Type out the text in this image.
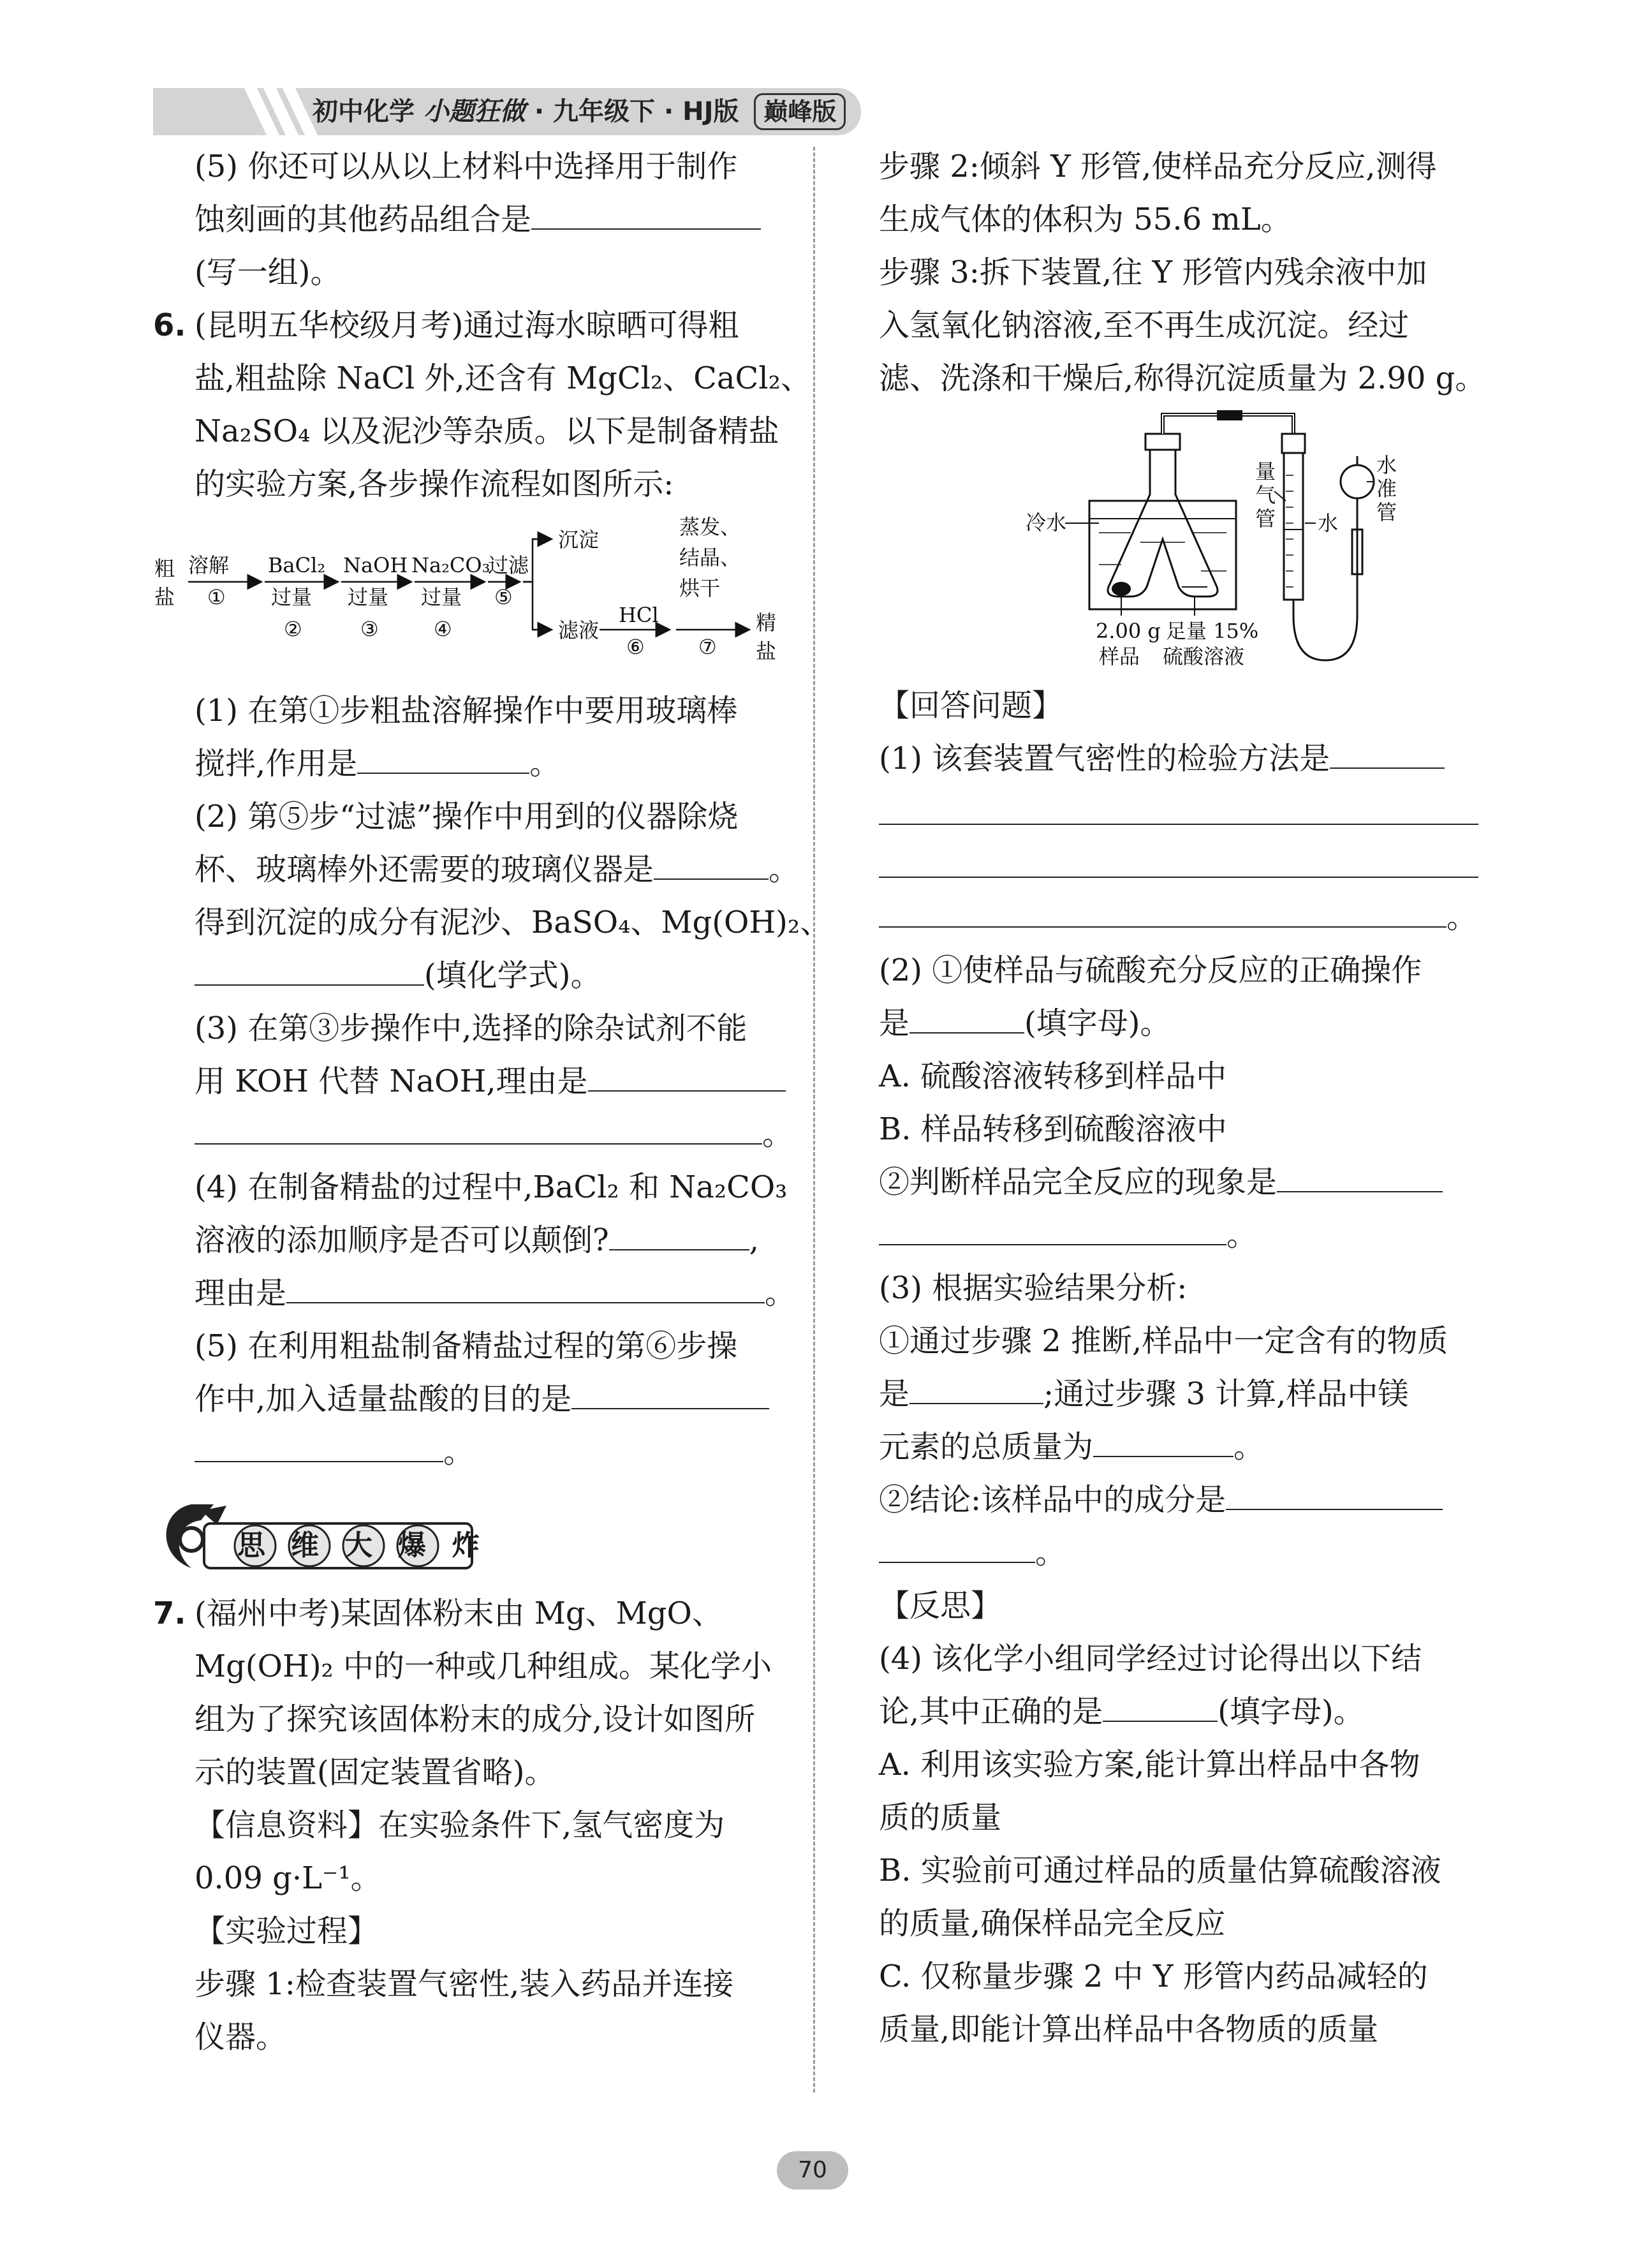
初中化学 小题狂做 · 九年级下 · HJ版 巅峰版
(5) 你还可以从以上材料中选择用于制作
蚀刻画的其他药品组合是
(写一组)。
6. (昆明五华校级月考)通过海水晾晒可得粗
盐,粗盐除 NaCl 外,还含有 MgCl₂、CaCl₂、
Na₂SO₄ 以及泥沙等杂质。以下是制备精盐
的实验方案,各步操作流程如图所示:
粗
盐
溶解
①
BaCl₂
过量
②
NaOH
过量
③
Na₂CO₃
过量
④
过滤
⑤
沉淀
滤液
HCl
⑥
蒸发、
结晶、
烘干
⑦
精
盐
(1) 在第①步粗盐溶解操作中要用玻璃棒
搅拌,作用是	。
(2) 第⑤步“过滤”操作中用到的仪器除烧
杯、玻璃棒外还需要的玻璃仪器是	。
得到沉淀的成分有泥沙、BaSO₄、Mg(OH)₂、
(填化学式)。
(3) 在第③步操作中,选择的除杂试剂不能
用 KOH 代替 NaOH,理由是
。
(4) 在制备精盐的过程中,BaCl₂ 和 Na₂CO₃
溶液的添加顺序是否可以颠倒?	,
理由是	。
(5) 在利用粗盐制备精盐过程的第⑥步操
作中,加入适量盐酸的目的是
。
思维大爆炸
7. (福州中考)某固体粉末由 Mg、MgO、
Mg(OH)₂ 中的一种或几种组成。某化学小
组为了探究该固体粉末的成分,设计如图所
示的装置(固定装置省略)。
【信息资料】在实验条件下,氢气密度为
0.09 g·L⁻¹。
【实验过程】
步骤 1:检查装置气密性,装入药品并连接
仪器。
步骤 2:倾斜 Y 形管,使样品充分反应,测得
生成气体的体积为 55.6 mL。
步骤 3:拆下装置,往 Y 形管内残余液中加
入氢氧化钠溶液,至不再生成沉淀。经过
滤、洗涤和干燥后,称得沉淀质量为 2.90 g。
冷水
量
气
管 水
水
准
管
2.00 g
样品
足量 15%
硫酸溶液
【回答问题】
(1) 该套装置气密性的检验方法是
。
(2) ①使样品与硫酸充分反应的正确操作
是	(填字母)。
A. 硫酸溶液转移到样品中
B. 样品转移到硫酸溶液中
②判断样品完全反应的现象是
。
(3) 根据实验结果分析:
①通过步骤 2 推断,样品中一定含有的物质
是	;通过步骤 3 计算,样品中镁
元素的总质量为	。
②结论:该样品中的成分是
。
【反思】
(4) 该化学小组同学经过讨论得出以下结
论,其中正确的是	(填字母)。
A. 利用该实验方案,能计算出样品中各物
质的质量
B. 实验前可通过样品的质量估算硫酸溶液
的质量,确保样品完全反应
C. 仅称量步骤 2 中 Y 形管内药品减轻的
质量,即能计算出样品中各物质的质量
70
